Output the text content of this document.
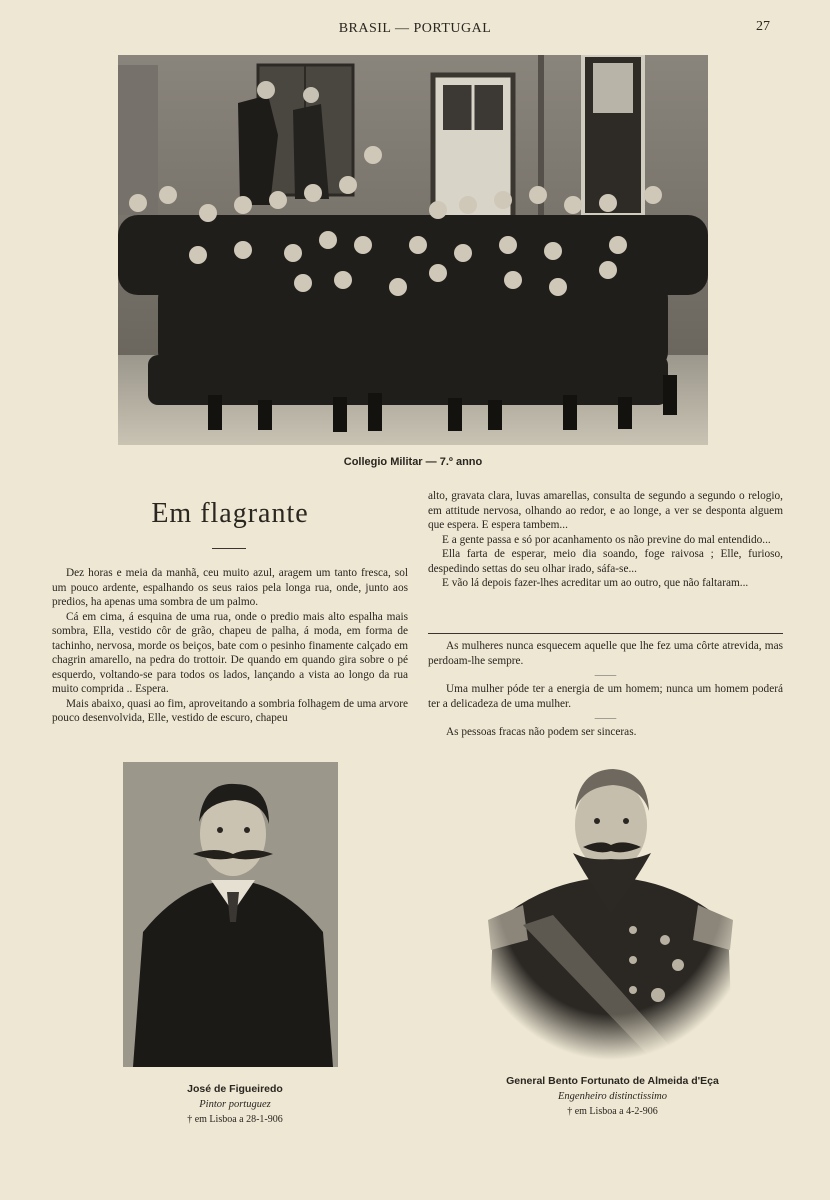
BRASIL — PORTUGAL	27
Collegio Militar — 7.º anno
Em flagrante

Dez horas e meia da manhã, ceu muito azul, aragem um tanto fresca, sol um pouco ardente, espalhando os seus raios pela longa rua, onde, junto aos predios, ha apenas uma sombra de um palmo.

Cá em cima, á esquina de uma rua, onde o predio mais alto espalha mais sombra, Ella, vestido côr de grão, chapeu de palha, á moda, em forma de tachinho, nervosa, morde os beiços, bate com o pesinho finamente calçado em chagrin amarello, na pedra do trottoir. De quando em quando gira sobre o pé esquerdo, voltando-se para todos os lados, lançando a vista ao longo da rua muito comprida .. Espera.

Mais abaixo, quasi ao fim, aproveitando a sombria folhagem de uma arvore pouco desenvolvida, Elle, vestido de escuro, chapeu

alto, gravata clara, luvas amarellas, consulta de segundo a segundo o relogio, em attitude nervosa, olhando ao redor, e ao longe, a ver se desponta alguem que espera. E espera tambem...

E a gente passa e só por acanhamento os não previne do mal entendido...

Ella farta de esperar, meio dia soando, foge raivosa ; Elle, furioso, despedindo settas do seu olhar irado, sáfa-se...

E vão lá depois fazer-lhes acreditar um ao outro, que não faltaram...

As mulheres nunca esquecem aquelle que lhe fez uma côrte atrevida, mas perdoam-lhe sempre.

⸻

Uma mulher póde ter a energia de um homem; nunca um homem poderá ter a delicadeza de uma mulher.

⸻

As pessoas fracas não podem ser sinceras.

José de Figueiredo
Pintor portuguez
† em Lisboa a 28-1-906
General Bento Fortunato de Almeida d'Eça
Engenheiro distinctissimo
† em Lisboa a 4-2-906
